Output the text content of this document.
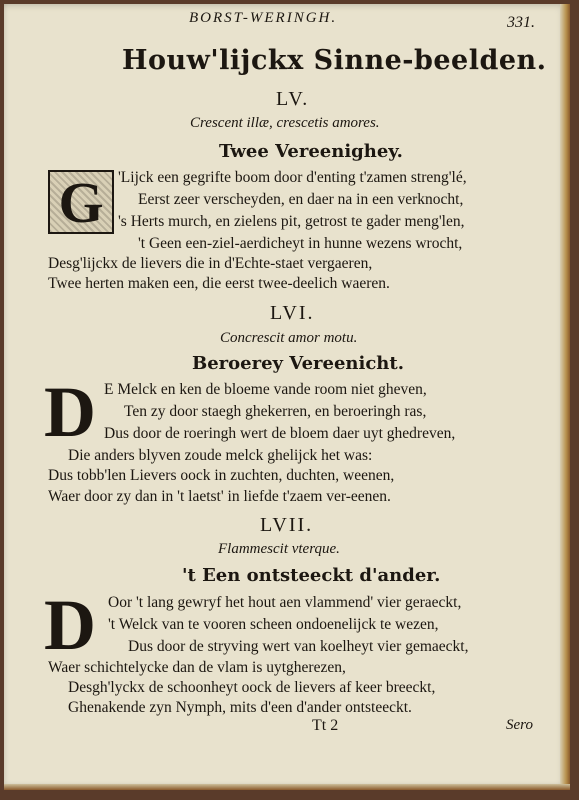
BORST-WERINGH.	331.
Houw'lijckx Sinne-beelden.
LV.
Crescent illæ, crescetis amores.
Twee Vereenighey.
G 'Lijck een gegrifte boom door d'enting t'zamen streng'lé,
Eerst zeer verscheyden, en daer na in een verknocht,
's Herts murch, en zielens pit, getrost te gader meng'len,
't Geen een-ziel-aerdicheyt in hunne wezens wrocht,
Desg'lijckx de lievers die in d'Echte-staet vergaeren,
Twee herten maken een, die eerst twee-deelich waeren.
LVI.
Concrescit amor motu.
Beroerey Vereenicht.
D E Melck en ken de bloeme vande room niet gheven,
Ten zy door staegh ghekerren, en beroeringh ras,
Dus door de roeringh wert de bloem daer uyt ghedreven,
Die anders blyven zoude melck ghelijck het was:
Dus tobb'len Lievers oock in zuchten, duchten, weenen,
Waer door zy dan in 't laetst' in liefde t'zaem ver-eenen.
LVII.
Flammescit vterque.
't Een ontsteeckt d'ander.
D Oor 't lang gewryf het hout aen vlammend' vier geraeckt,
't Welck van te vooren scheen ondoenelijck te wezen,
Dus door de stryving wert van koelheyt vier gemaeckt,
Waer schichtelycke dan de vlam is uytgherezen,
Desgh'lyckx de schoonheyt oock de lievers af keer breeckt,
Ghenakende zyn Nymph, mits d'een d'ander ontsteeckt.
Tt 2	Sero
